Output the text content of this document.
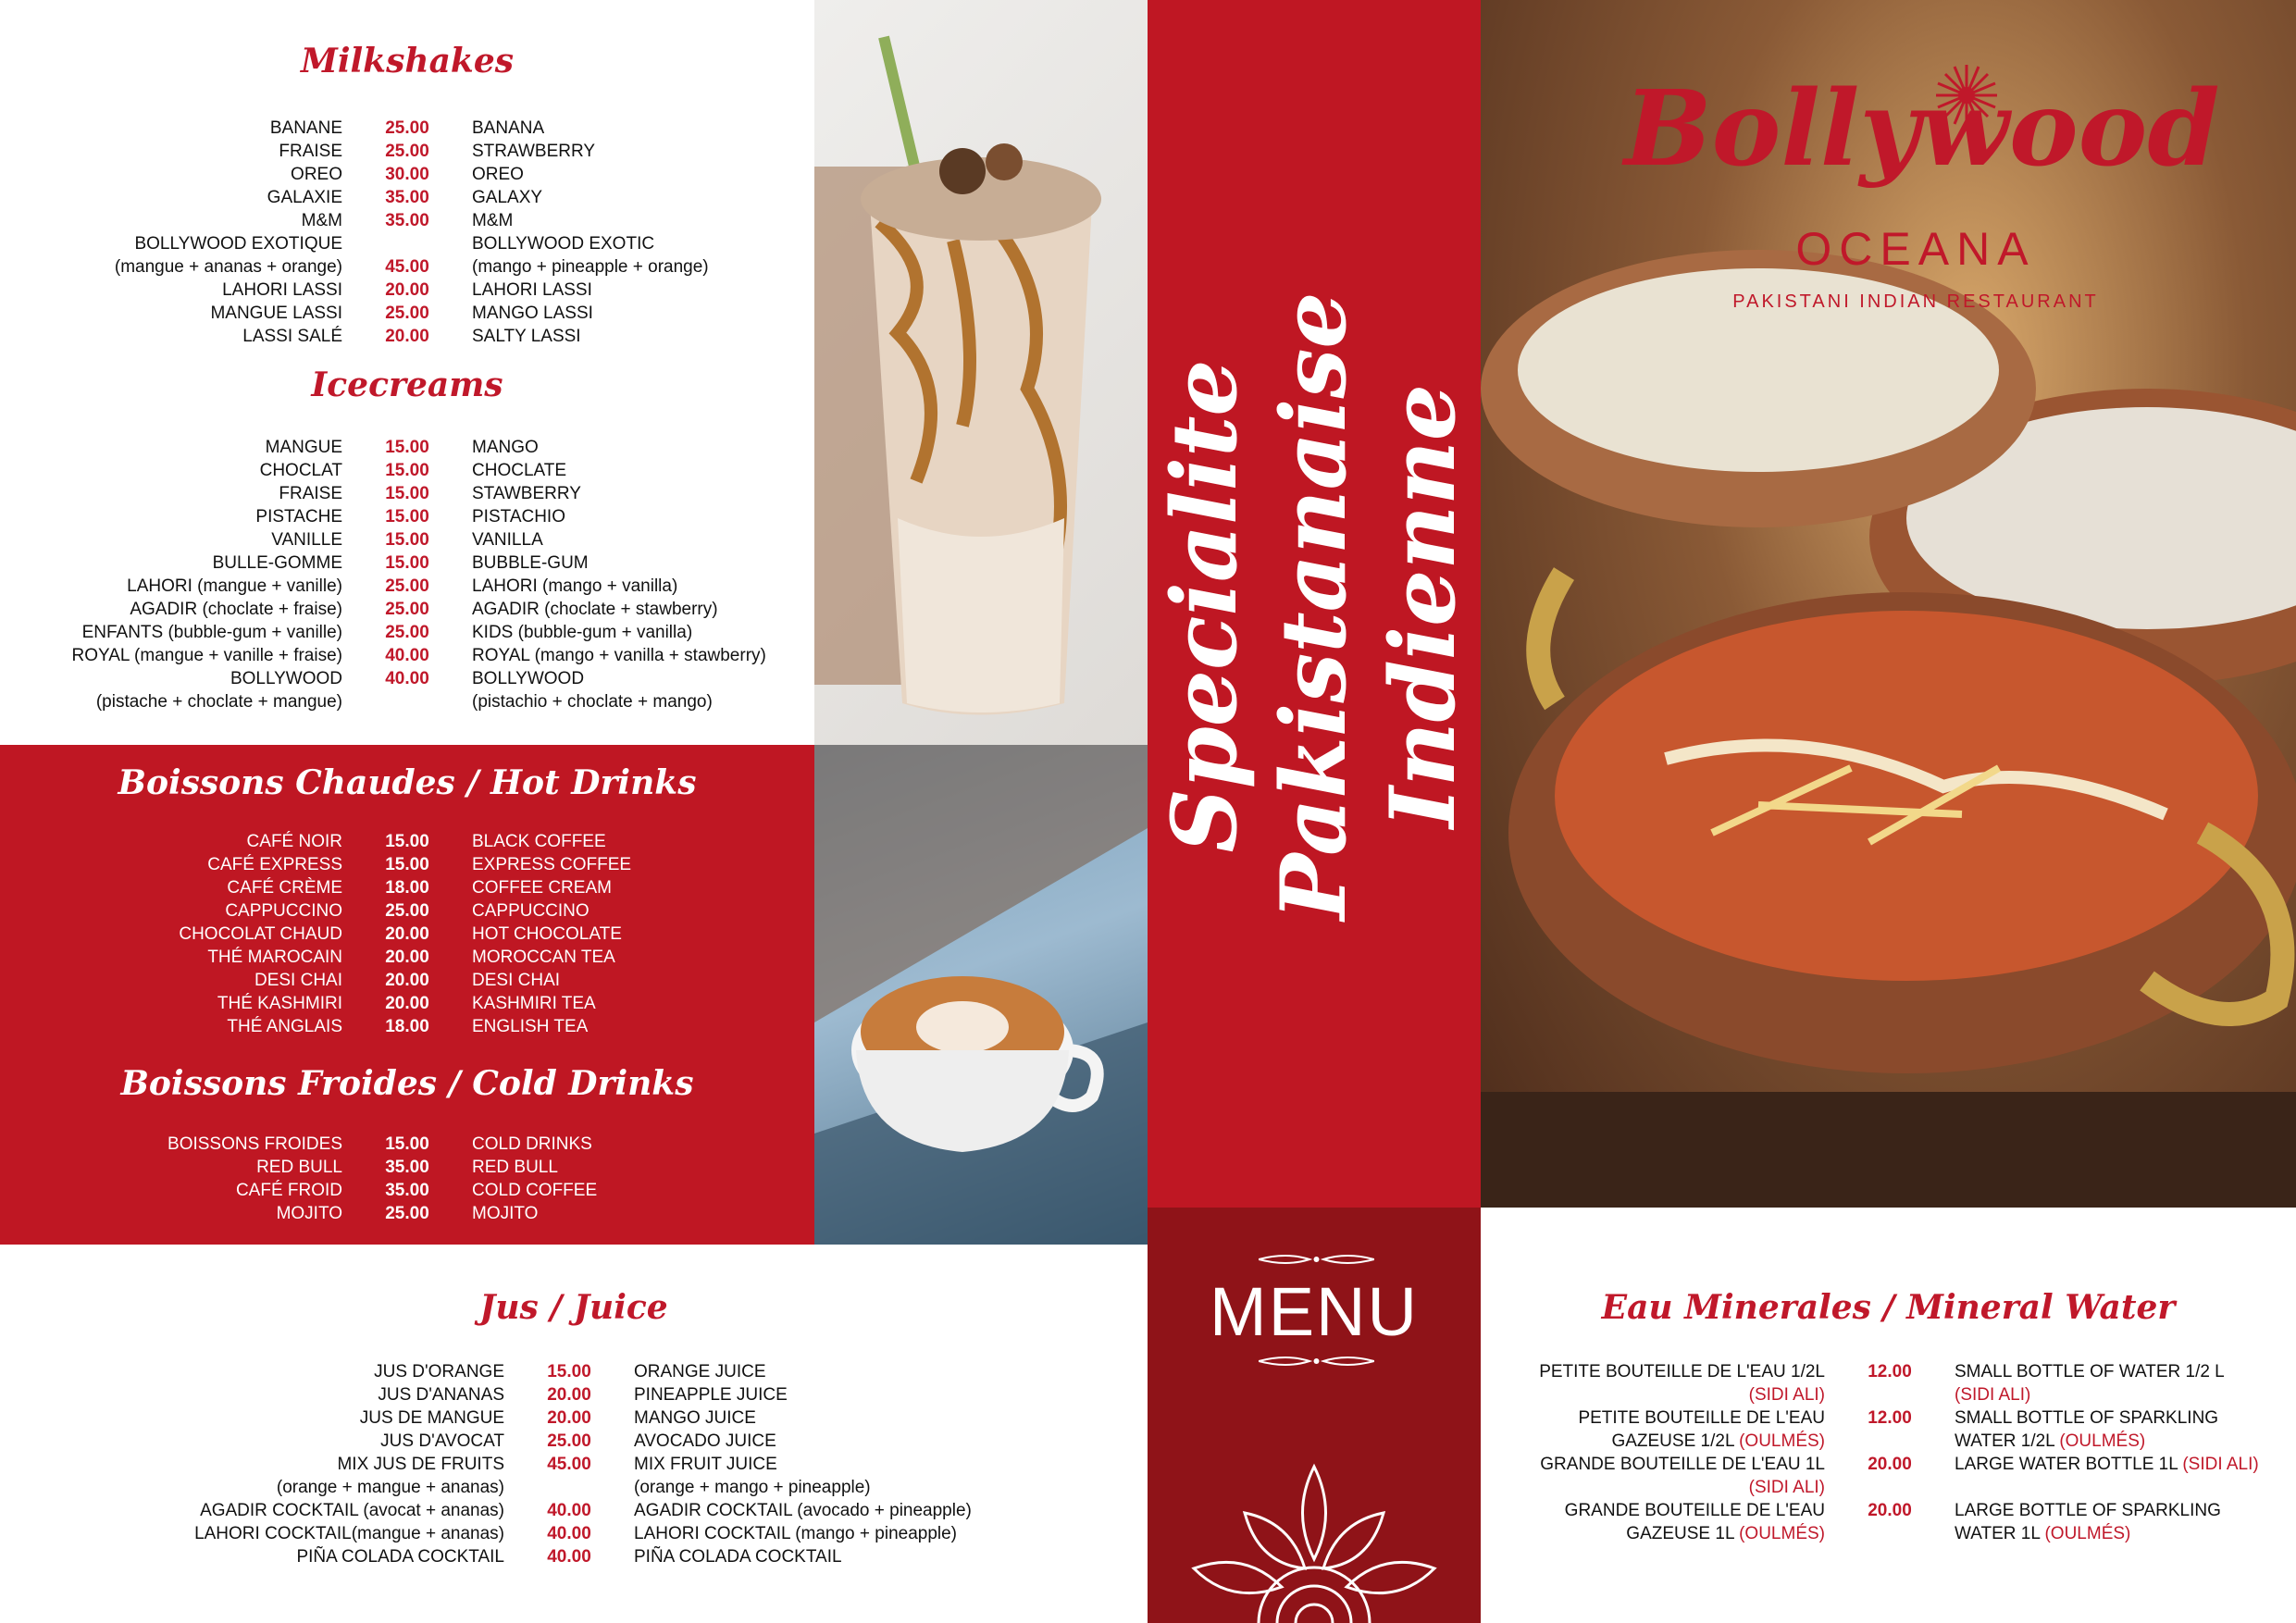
Milkshakes
BANANE	25.00	BANANA
FRAISE	25.00	STRAWBERRY
OREO	30.00	OREO
GALAXIE	35.00	GALAXY
M&M	35.00	M&M
BOLLYWOOD EXOTIQUE	BOLLYWOOD EXOTIC
(mangue + ananas + orange)	45.00	(mango + pineapple + orange)
LAHORI LASSI	20.00	LAHORI LASSI
MANGUE LASSI	25.00	MANGO LASSI
LASSI SALÉ	20.00	SALTY LASSI
Icecreams
MANGUE	15.00	MANGO
CHOCLAT	15.00	CHOCLATE
FRAISE	15.00	STAWBERRY
PISTACHE	15.00	PISTACHIO
VANILLE	15.00	VANILLA
BULLE-GOMME	15.00	BUBBLE-GUM
LAHORI (mangue + vanille)	25.00	LAHORI (mango + vanilla)
AGADIR (choclate + fraise)	25.00	AGADIR (choclate + stawberry)
ENFANTS (bubble-gum + vanille)	25.00	KIDS (bubble-gum + vanilla)
ROYAL (mangue + vanille + fraise)	40.00	ROYAL (mango + vanilla + stawberry)
BOLLYWOOD	40.00	BOLLYWOOD
(pistache + choclate + mangue)	(pistachio + choclate + mango)
Boissons Chaudes / Hot Drinks
CAFÉ NOIR	15.00	BLACK COFFEE
CAFÉ EXPRESS	15.00	EXPRESS COFFEE
CAFÉ CRÈME	18.00	COFFEE CREAM
CAPPUCCINO	25.00	CAPPUCCINO
CHOCOLAT CHAUD	20.00	HOT CHOCOLATE
THÉ MAROCAIN	20.00	MOROCCAN TEA
DESI CHAI	20.00	DESI CHAI
THÉ KASHMIRI	20.00	KASHMIRI TEA
THÉ ANGLAIS	18.00	ENGLISH TEA
Boissons Froides / Cold Drinks
BOISSONS FROIDES	15.00	COLD DRINKS
RED BULL	35.00	RED BULL
CAFÉ FROID	35.00	COLD COFFEE
MOJITO	25.00	MOJITO
Jus / Juice
JUS D'ORANGE	15.00	ORANGE JUICE
JUS D'ANANAS	20.00	PINEAPPLE JUICE
JUS DE MANGUE	20.00	MANGO JUICE
JUS D'AVOCAT	25.00	AVOCADO JUICE
MIX JUS DE FRUITS	45.00	MIX FRUIT JUICE
(orange + mangue + ananas)	(orange + mango + pineapple)
AGADIR COCKTAIL (avocat + ananas)	40.00	AGADIR COCKTAIL (avocado + pineapple)
LAHORI COCKTAIL(mangue + ananas)	40.00	LAHORI COCKTAIL (mango + pineapple)
PIÑA COLADA COCKTAIL	40.00	PIÑA COLADA COCKTAIL
Specialite Pakistanaise Indienne
MENU
Bollywood
OCEANA
PAKISTANI INDIAN RESTAURANT
Eau Minerales / Mineral Water
PETITE BOUTEILLE DE L'EAU 1/2L	12.00	SMALL BOTTLE OF WATER 1/2 L
(SIDI ALI)	(SIDI ALI)
PETITE BOUTEILLE DE L'EAU	12.00	SMALL BOTTLE OF SPARKLING
GAZEUSE 1/2L (OULMÉS)	WATER 1/2L (OULMÉS)
GRANDE BOUTEILLE DE L'EAU 1L	20.00	LARGE WATER BOTTLE 1L (SIDI ALI)
(SIDI ALI)
GRANDE BOUTEILLE DE L'EAU	20.00	LARGE BOTTLE OF SPARKLING
GAZEUSE 1L (OULMÉS)	WATER 1L (OULMÉS)
